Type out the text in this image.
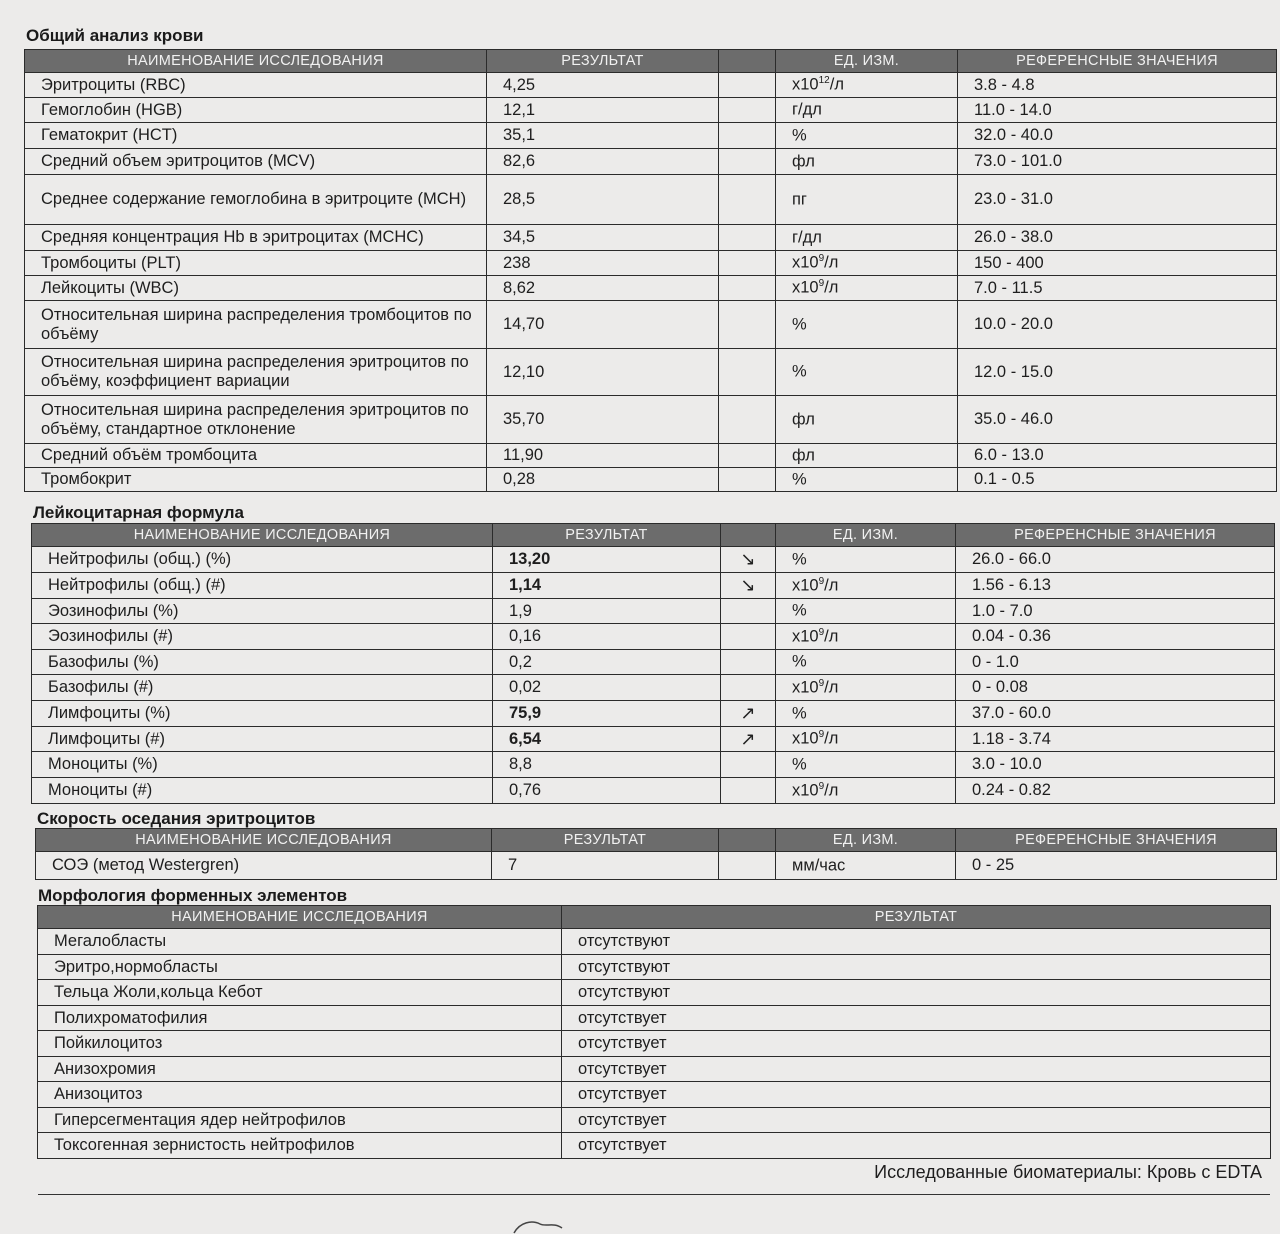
Общий анализ крови
НАИМЕНОВАНИЕ ИССЛЕДОВАНИЯ	РЕЗУЛЬТАТ		ЕД. ИЗМ.	РЕФЕРЕНСНЫЕ ЗНАЧЕНИЯ
Эритроциты (RBC)	4,25		$x10^{12}/л$	3.8 - 4.8
Гемоглобин (HGB)	12,1		г/дл	11.0 - 14.0
Гематокрит (HCT)	35,1		%	32.0 - 40.0
Средний объем эритроцитов (MCV)	82,6		фл	73.0 - 101.0
Среднее содержание гемоглобина в эритроците (MCH)	28,5		пг	23.0 - 31.0
Средняя концентрация Hb в эритроцитах (MCHC)	34,5		г/дл	26.0 - 38.0
Тромбоциты (PLT)	238		$x10^9/л$	150 - 400
Лейкоциты (WBC)	8,62		$x10^9/л$	7.0 - 11.5
Относительная ширина распределения тромбоцитов по объёму	14,70		%	10.0 - 20.0
Относительная ширина распределения эритроцитов по объёму, коэффициент вариации	12,10		%	12.0 - 15.0
Относительная ширина распределения эритроцитов по объёму, стандартное отклонение	35,70		фл	35.0 - 46.0
Средний объём тромбоцита	11,90		фл	6.0 - 13.0
Тромбокрит	0,28		%	0.1 - 0.5
Лейкоцитарная формула
НАИМЕНОВАНИЕ ИССЛЕДОВАНИЯ	РЕЗУЛЬТАТ		ЕД. ИЗМ.	РЕФЕРЕНСНЫЕ ЗНАЧЕНИЯ
Нейтрофилы (общ.) (%)	13,20	↘	%	26.0 - 66.0
Нейтрофилы (общ.) (#)	1,14	↘	$x10^9/л$	1.56 - 6.13
Эозинофилы (%)	1,9		%	1.0 - 7.0
Эозинофилы (#)	0,16		$x10^9/л$	0.04 - 0.36
Базофилы (%)	0,2		%	0 - 1.0
Базофилы (#)	0,02		$x10^9/л$	0 - 0.08
Лимфоциты (%)	75,9	↗	%	37.0 - 60.0
Лимфоциты (#)	6,54	↗	$x10^9/л$	1.18 - 3.74
Моноциты (%)	8,8		%	3.0 - 10.0
Моноциты (#)	0,76		$x10^9/л$	0.24 - 0.82
Скорость оседания эритроцитов
НАИМЕНОВАНИЕ ИССЛЕДОВАНИЯ	РЕЗУЛЬТАТ		ЕД. ИЗМ.	РЕФЕРЕНСНЫЕ ЗНАЧЕНИЯ
СОЭ (метод Westergren)	7		мм/час	0 - 25
Морфология форменных элементов
НАИМЕНОВАНИЕ ИССЛЕДОВАНИЯ	РЕЗУЛЬТАТ
Мегалобласты	отсутствуют
Эритро,нормобласты	отсутствуют
Тельца Жоли,кольца Кебот	отсутствуют
Полихроматофилия	отсутствует
Пойкилоцитоз	отсутствует
Анизохромия	отсутствует
Анизоцитоз	отсутствует
Гиперсегментация ядер нейтрофилов	отсутствует
Токсогенная зернистость нейтрофилов	отсутствует
Исследованные биоматериалы: Кровь с EDTA
